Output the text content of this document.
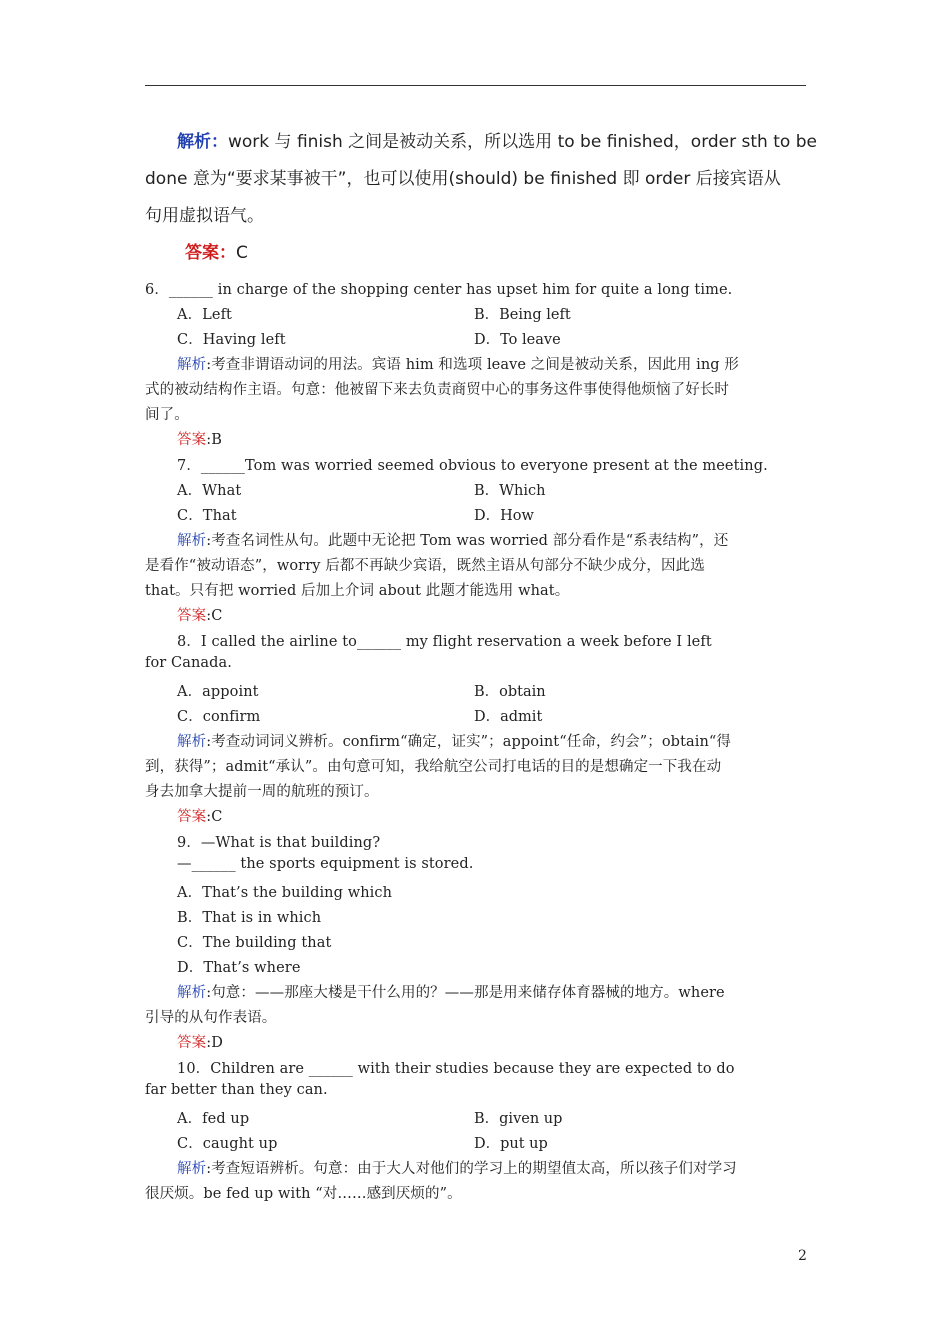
解析：work 与 finish 之间是被动关系，所以选用 to be finished，order sth to be
done 意为“要求某事被干”，也可以使用(should) be finished 即 order 后接宾语从
句用虚拟语气。
答案：C
6．______ in charge of the shopping center has upset him for quite a long time.
A．Left	B．Being left
C．Having left	D．To leave
解析:考查非谓语动词的用法。宾语 him 和选项 leave 之间是被动关系，因此用 ing 形
式的被动结构作主语。句意：他被留下来去负责商贸中心的事务这件事使得他烦恼了好长时
间了。
答案:B
7．______Tom was worried seemed obvious to everyone present at the meeting.
A．What	B．Which
C．That	D．How
解析:考查名词性从句。此题中无论把 Tom was worried 部分看作是“系表结构”，还
是看作“被动语态”，worry 后都不再缺少宾语，既然主语从句部分不缺少成分，因此选
that。只有把 worried 后加上介词 about 此题才能选用 what。
答案:C
8．I called the airline to______ my flight reservation a week before I left
for Canada.
A．appoint	B．obtain
C．confirm	D．admit
解析:考查动词词义辨析。confirm“确定，证实”；appoint“任命，约会”；obtain“得
到，获得”；admit“承认”。由句意可知，我给航空公司打电话的目的是想确定一下我在动
身去加拿大提前一周的航班的预订。
答案:C
9．—What is that building?
—______ the sports equipment is stored.
A．That’s the building which
B．That is in which
C．The building that
D．That’s where
解析:句意：——那座大楼是干什么用的？——那是用来储存体育器械的地方。where
引导的从句作表语。
答案:D
10．Children are ______ with their studies because they are expected to do
far better than they can.
A．fed up	B．given up
C．caught up	D．put up
解析:考查短语辨析。句意：由于大人对他们的学习上的期望值太高，所以孩子们对学习
很厌烦。be fed up with “对……感到厌烦的”。
2
